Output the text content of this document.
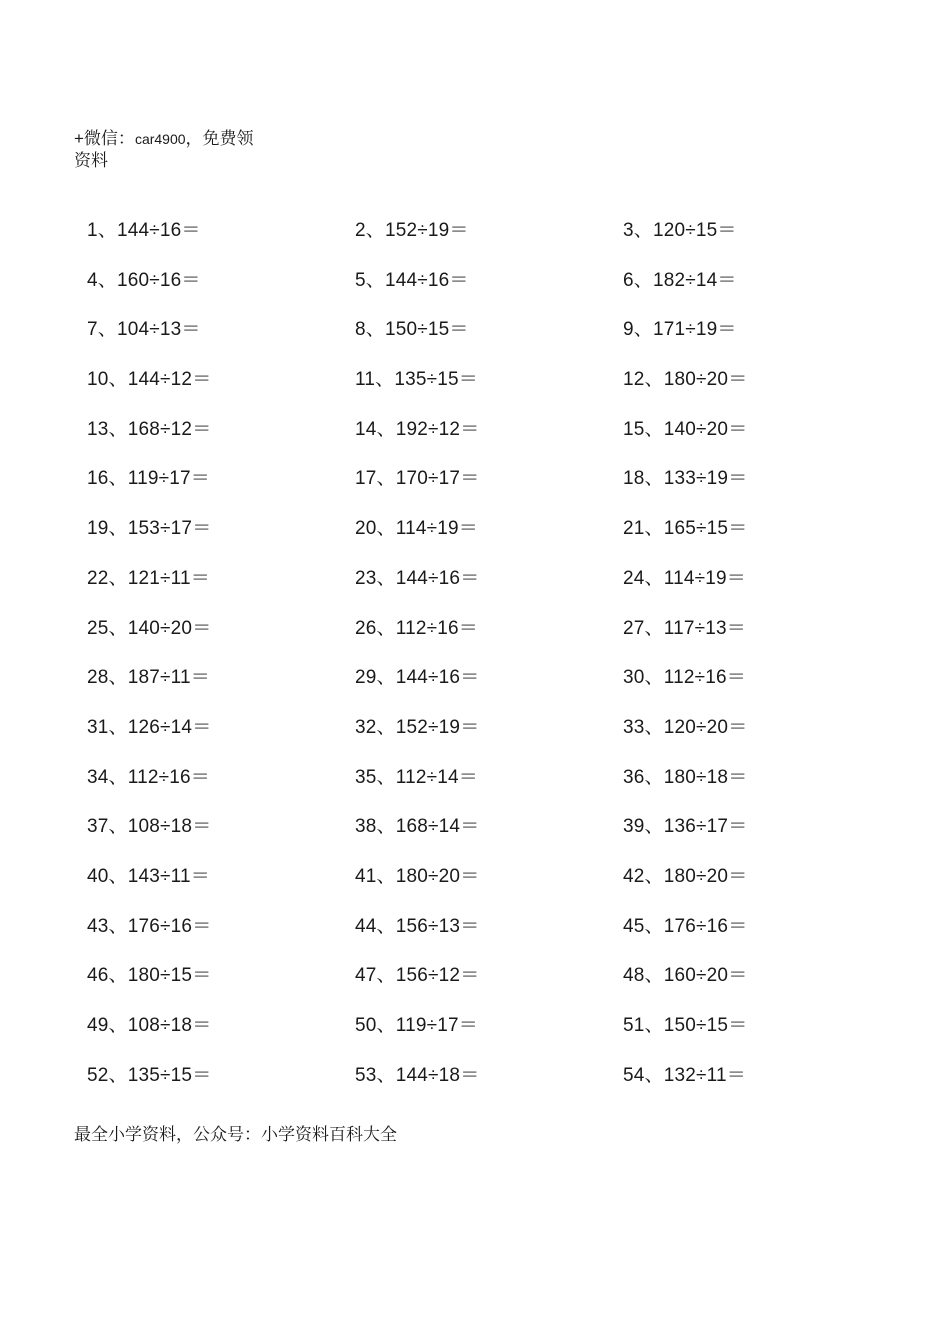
+微信：car4900，免费领
资料
1、144÷16＝	2、152÷19＝	3、120÷15＝
4、160÷16＝	5、144÷16＝	6、182÷14＝
7、104÷13＝	8、150÷15＝	9、171÷19＝
10、144÷12＝	11、135÷15＝	12、180÷20＝
13、168÷12＝	14、192÷12＝	15、140÷20＝
16、119÷17＝	17、170÷17＝	18、133÷19＝
19、153÷17＝	20、114÷19＝	21、165÷15＝
22、121÷11＝	23、144÷16＝	24、114÷19＝
25、140÷20＝	26、112÷16＝	27、117÷13＝
28、187÷11＝	29、144÷16＝	30、112÷16＝
31、126÷14＝	32、152÷19＝	33、120÷20＝
34、112÷16＝	35、112÷14＝	36、180÷18＝
37、108÷18＝	38、168÷14＝	39、136÷17＝
40、143÷11＝	41、180÷20＝	42、180÷20＝
43、176÷16＝	44、156÷13＝	45、176÷16＝
46、180÷15＝	47、156÷12＝	48、160÷20＝
49、108÷18＝	50、119÷17＝	51、150÷15＝
52、135÷15＝	53、144÷18＝	54、132÷11＝
最全小学资料，公众号：小学资料百科大全
